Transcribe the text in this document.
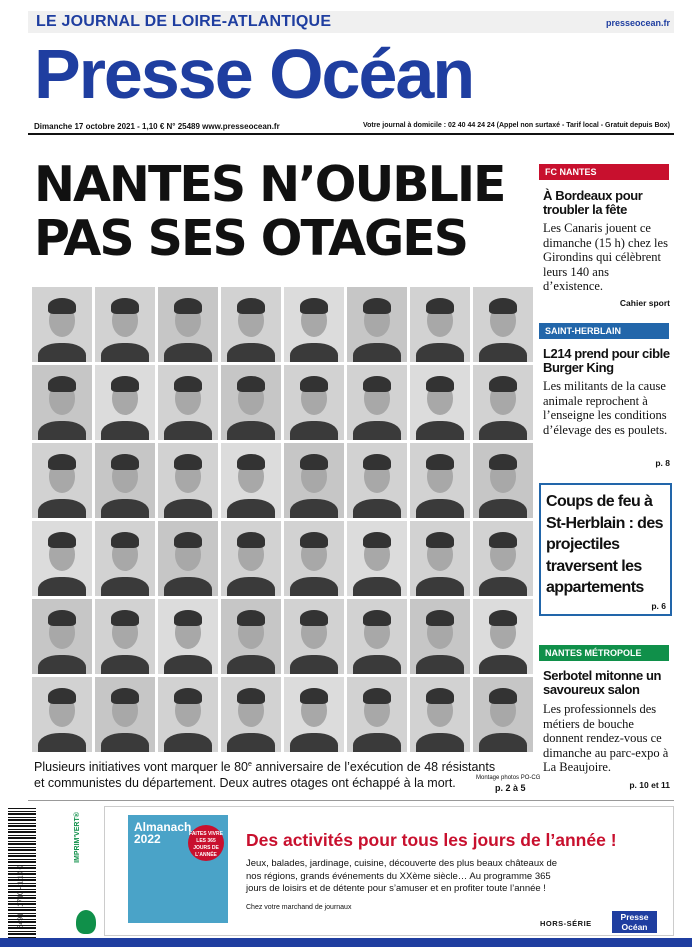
LE JOURNAL DE LOIRE-ATLANTIQUE	presseocean.fr
Presse Océan
Dimanche 17 octobre 2021 - 1,10 € N° 25489 www.presseocean.fr	Votre journal à domicile : 02 40 44 24 24 (Appel non surtaxé - Tarif local - Gratuit depuis Box)
NANTES N’OUBLIE PAS SES OTAGES
Plusieurs initiatives vont marquer le 80e anniversaire de l’exécution de 48 résistants et communistes du département. Deux autres otages ont échappé à la mort.	Montage photos PO-CG
p. 2 à 5
FC NANTES
À Bordeaux pour troubler la fête
Les Canaris jouent ce dimanche (15 h) chez les Girondins qui célèbrent leurs 140 ans d’existence.
Cahier sport
SAINT-HERBLAIN
L214 prend pour cible Burger King
Les militants de la cause animale reprochent à l’enseigne les conditions d’élevage des es poulets.
p. 8
Coups de feu à St-Herblain : des projectiles traversent les appartements
p. 6
NANTES MÉTROPOLE
Serbotel mitonne un savoureux salon
Les professionnels des métiers de bouche donnent rendez-vous ce dimanche au parc-expo à La Beaujoire.
p. 10 et 11
8491 - 1710 - 1,10 €
IMPRIM'VERT®	Almanach
2022	FAITES VIVRE LES 365 JOURS DE L'ANNÉE
Des activités pour tous les jours de l’année !
Jeux, balades, jardinage, cuisine, découverte des plus beaux châteaux de nos régions, grands événements du XXème siècle… Au programme 365 jours de loisirs et de détente pour s’amuser et en profiter toute l’année !
Chez votre marchand de journaux
HORS-SÉRIE
Presse Océan
